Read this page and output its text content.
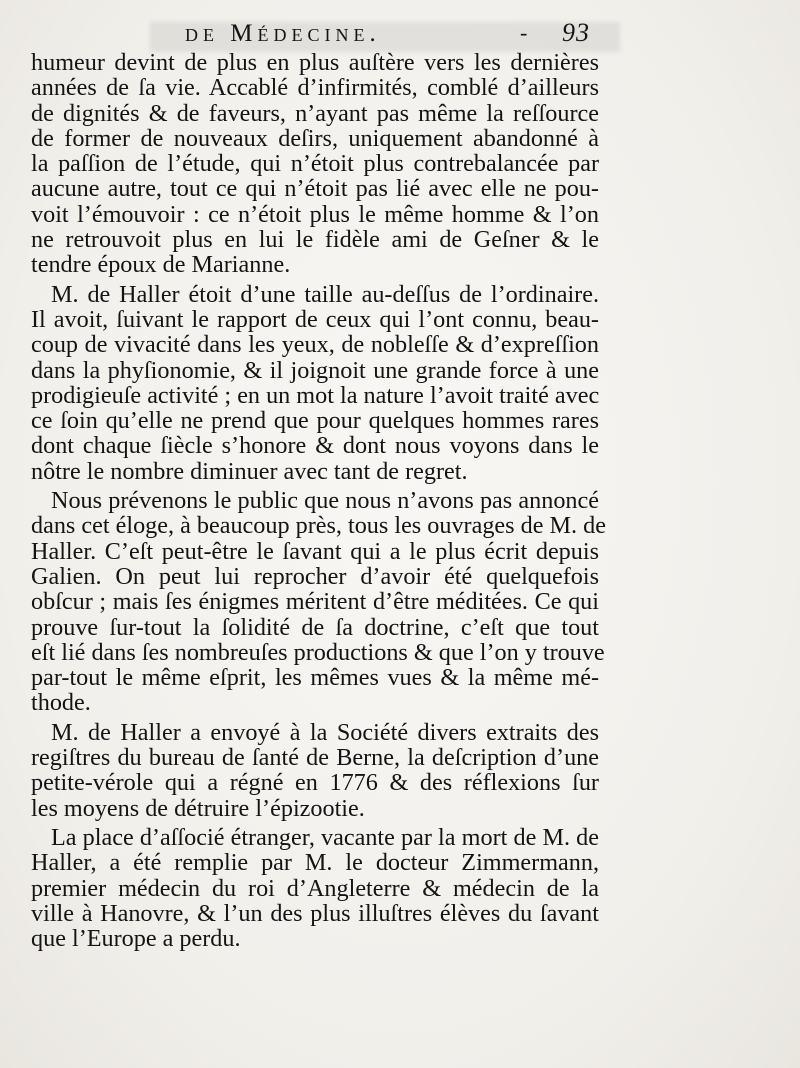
de Médecine.	- 93

humeur devint de plus en plus auſtère vers les dernières
années de ſa vie. Accablé d’infirmités, comblé d’ailleurs
de dignités & de faveurs, n’ayant pas même la reſſource
de former de nouveaux deſirs, uniquement abandonné à
la paſſion de l’étude, qui n’étoit plus contrebalancée par
aucune autre, tout ce qui n’étoit pas lié avec elle ne pou-
voit l’émouvoir : ce n’étoit plus le même homme & l’on
ne retrouvoit plus en lui le fidèle ami de Geſner & le
tendre époux de Marianne.

M. de Haller étoit d’une taille au-deſſus de l’ordinaire.
Il avoit, ſuivant le rapport de ceux qui l’ont connu, beau-
coup de vivacité dans les yeux, de nobleſſe & d’expreſſion
dans la phyſionomie, & il joignoit une grande force à une
prodigieuſe activité ; en un mot la nature l’avoit traité avec
ce ſoin qu’elle ne prend que pour quelques hommes rares
dont chaque ſiècle s’honore & dont nous voyons dans le
nôtre le nombre diminuer avec tant de regret.

Nous prévenons le public que nous n’avons pas annoncé
dans cet éloge, à beaucoup près, tous les ouvrages de M. de
Haller. C’eſt peut-être le ſavant qui a le plus écrit depuis
Galien. On peut lui reprocher d’avoir été quelquefois
obſcur ; mais ſes énigmes méritent d’être méditées. Ce qui
prouve ſur-tout la ſolidité de ſa doctrine, c’eſt que tout
eſt lié dans ſes nombreuſes productions & que l’on y trouve
par-tout le même eſprit, les mêmes vues & la même mé-
thode.

M. de Haller a envoyé à la Société divers extraits des
regiſtres du bureau de ſanté de Berne, la deſcription d’une
petite-vérole qui a régné en 1776 & des réflexions ſur
les moyens de détruire l’épizootie.

La place d’aſſocié étranger, vacante par la mort de M. de
Haller, a été remplie par M. le docteur Zimmermann,
premier médecin du roi d’Angleterre & médecin de la
ville à Hanovre, & l’un des plus illuſtres élèves du ſavant
que l’Europe a perdu.
